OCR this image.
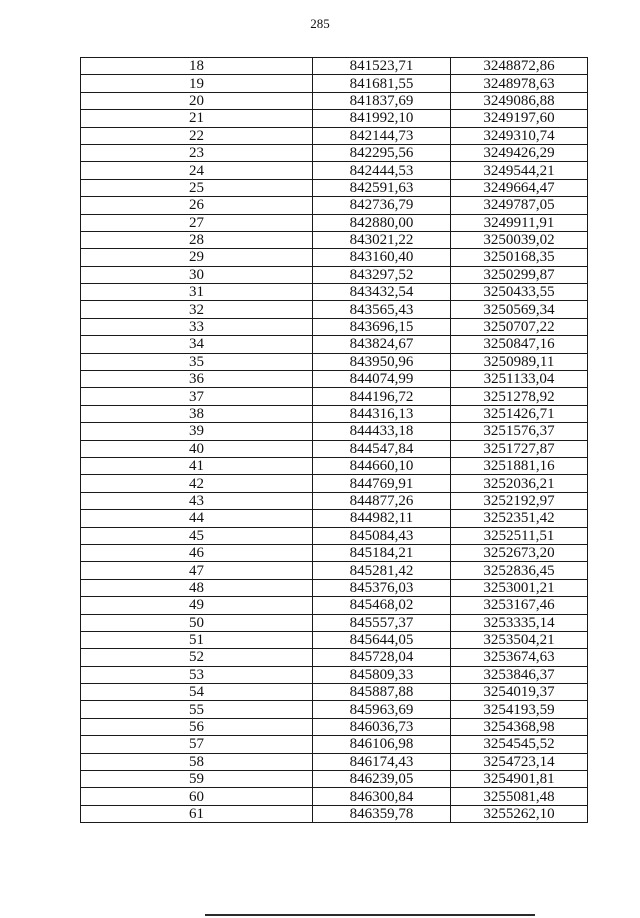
285
18	841523,71	3248872,86
19	841681,55	3248978,63
20	841837,69	3249086,88
21	841992,10	3249197,60
22	842144,73	3249310,74
23	842295,56	3249426,29
24	842444,53	3249544,21
25	842591,63	3249664,47
26	842736,79	3249787,05
27	842880,00	3249911,91
28	843021,22	3250039,02
29	843160,40	3250168,35
30	843297,52	3250299,87
31	843432,54	3250433,55
32	843565,43	3250569,34
33	843696,15	3250707,22
34	843824,67	3250847,16
35	843950,96	3250989,11
36	844074,99	3251133,04
37	844196,72	3251278,92
38	844316,13	3251426,71
39	844433,18	3251576,37
40	844547,84	3251727,87
41	844660,10	3251881,16
42	844769,91	3252036,21
43	844877,26	3252192,97
44	844982,11	3252351,42
45	845084,43	3252511,51
46	845184,21	3252673,20
47	845281,42	3252836,45
48	845376,03	3253001,21
49	845468,02	3253167,46
50	845557,37	3253335,14
51	845644,05	3253504,21
52	845728,04	3253674,63
53	845809,33	3253846,37
54	845887,88	3254019,37
55	845963,69	3254193,59
56	846036,73	3254368,98
57	846106,98	3254545,52
58	846174,43	3254723,14
59	846239,05	3254901,81
60	846300,84	3255081,48
61	846359,78	3255262,10
